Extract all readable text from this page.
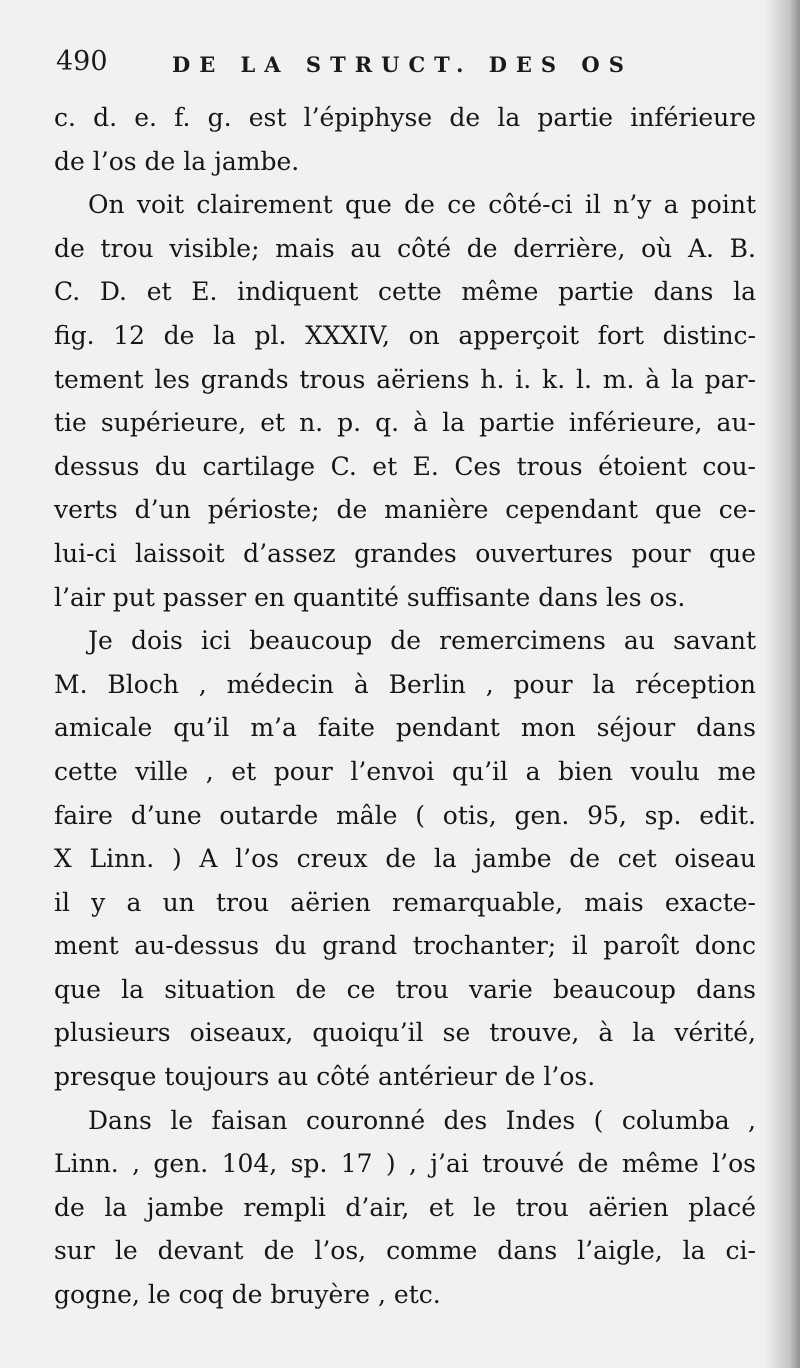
490	DE LA STRUCT. DES OS
c. d. e. f. g. est l’épiphyse de la partie inférieure
de l’os de la jambe.
On voit clairement que de ce côté-ci il n’y a point
de trou visible; mais au côté de derrière, où A. B.
C. D. et E. indiquent cette même partie dans la
fig. 12 de la pl. XXXIV, on apperçoit fort distinc-
tement les grands trous aëriens h. i. k. l. m. à la par-
tie supérieure, et n. p. q. à la partie inférieure, au-
dessus du cartilage C. et E. Ces trous étoient cou-
verts d’un périoste; de manière cependant que ce-
lui-ci laissoit d’assez grandes ouvertures pour que
l’air put passer en quantité suffisante dans les os.
Je dois ici beaucoup de remercimens au savant
M. Bloch , médecin à Berlin , pour la réception
amicale qu’il m’a faite pendant mon séjour dans
cette ville , et pour l’envoi qu’il a bien voulu me
faire d’une outarde mâle ( otis, gen. 95, sp. edit.
X Linn. ) A l’os creux de la jambe de cet oiseau
il y a un trou aërien remarquable, mais exacte-
ment au-dessus du grand trochanter; il paroît donc
que la situation de ce trou varie beaucoup dans
plusieurs oiseaux, quoiqu’il se trouve, à la vérité,
presque toujours au côté antérieur de l’os.
Dans le faisan couronné des Indes ( columba ,
Linn. , gen. 104, sp. 17 ) , j’ai trouvé de même l’os
de la jambe rempli d’air, et le trou aërien placé
sur le devant de l’os, comme dans l’aigle, la ci-
gogne, le coq de bruyère , etc.
